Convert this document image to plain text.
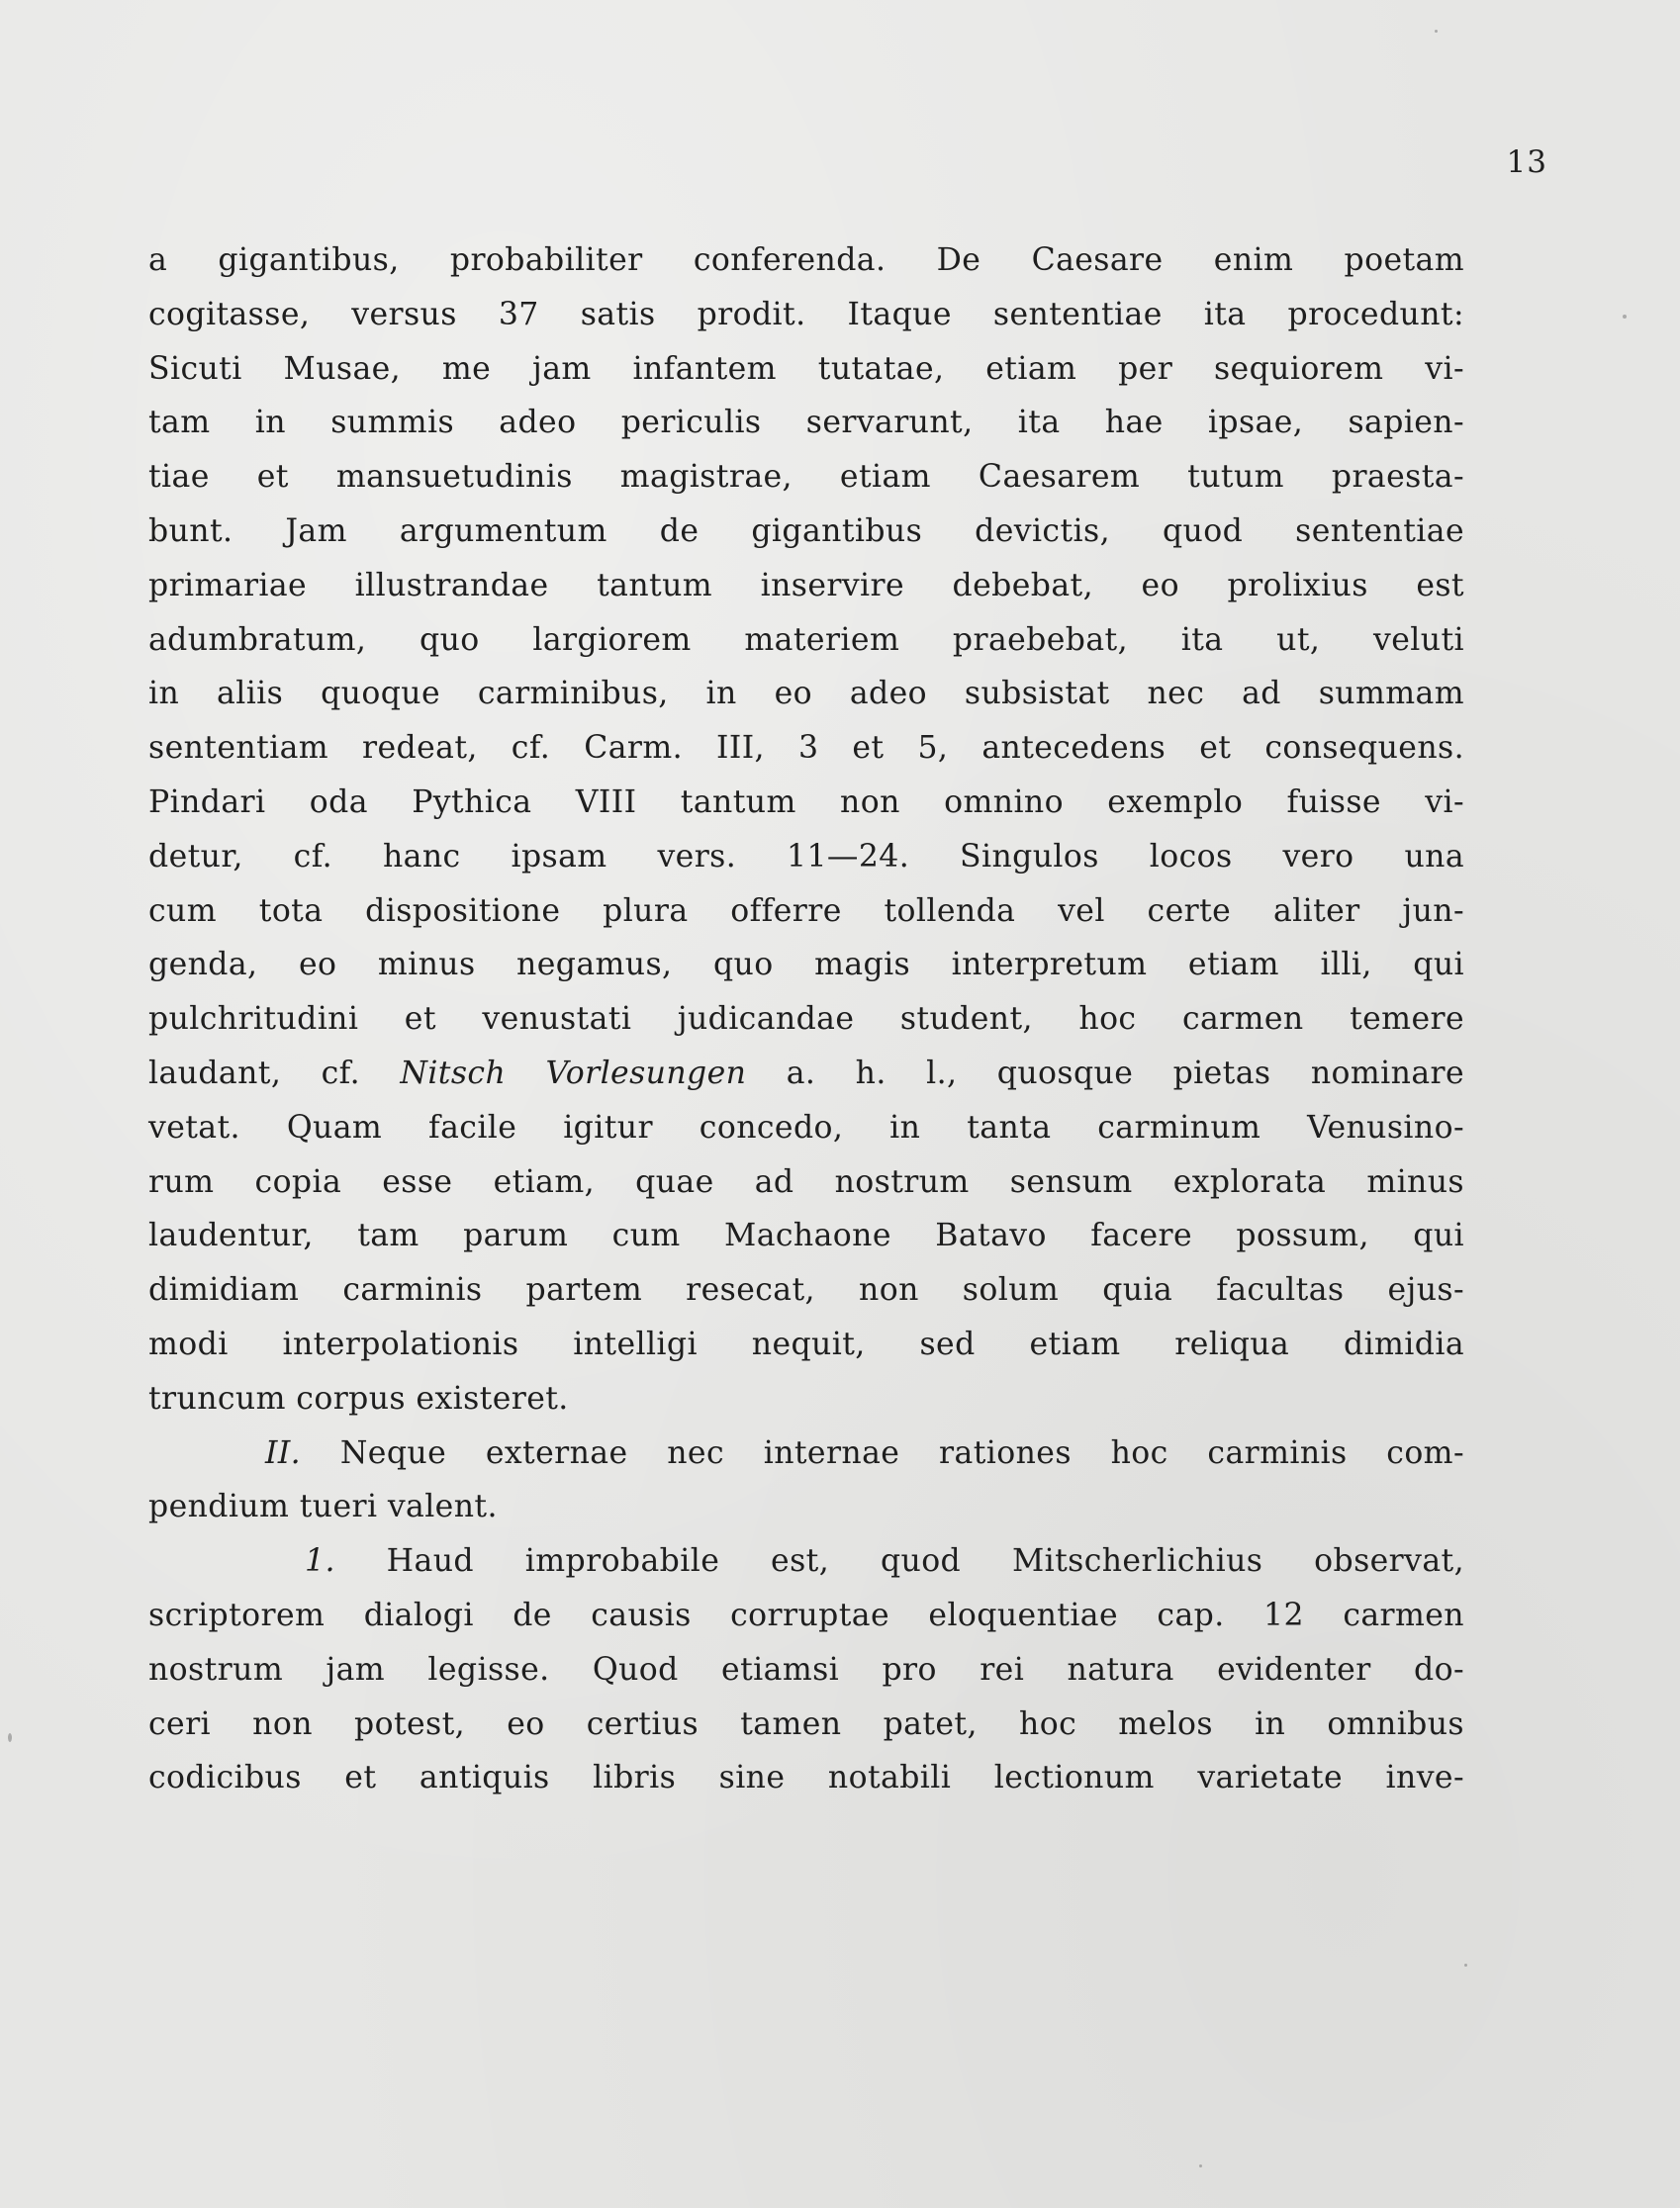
13
a gigantibus, probabiliter conferenda. De Caesare enim poetam
cogitasse, versus 37 satis prodit. Itaque sententiae ita procedunt:
Sicuti Musae, me jam infantem tutatae, etiam per sequiorem vi-
tam in summis adeo periculis servarunt, ita hae ipsae, sapien-
tiae et mansuetudinis magistrae, etiam Caesarem tutum praesta-
bunt. Jam argumentum de gigantibus devictis, quod sententiae
primariae illustrandae tantum inservire debebat, eo prolixius est
adumbratum, quo largiorem materiem praebebat, ita ut, veluti
in aliis quoque carminibus, in eo adeo subsistat nec ad summam
sententiam redeat, cf. Carm. III, 3 et 5, antecedens et consequens.
Pindari oda Pythica VIII tantum non omnino exemplo fuisse vi-
detur, cf. hanc ipsam vers. 11—24. Singulos locos vero una
cum tota dispositione plura offerre tollenda vel certe aliter jun-
genda, eo minus negamus, quo magis interpretum etiam illi, qui
pulchritudini et venustati judicandae student, hoc carmen temere
laudant, cf. Nitsch Vorlesungen a. h. l., quosque pietas nominare
vetat. Quam facile igitur concedo, in tanta carminum Venusino-
rum copia esse etiam, quae ad nostrum sensum explorata minus
laudentur, tam parum cum Machaone Batavo facere possum, qui
dimidiam carminis partem resecat, non solum quia facultas ejus-
modi interpolationis intelligi nequit, sed etiam reliqua dimidia
truncum corpus existeret.
II. Neque externae nec internae rationes hoc carminis com-
pendium tueri valent.
1. Haud improbabile est, quod Mitscherlichius observat,
scriptorem dialogi de causis corruptae eloquentiae cap. 12 carmen
nostrum jam legisse. Quod etiamsi pro rei natura evidenter do-
ceri non potest, eo certius tamen patet, hoc melos in omnibus
codicibus et antiquis libris sine notabili lectionum varietate inve-
